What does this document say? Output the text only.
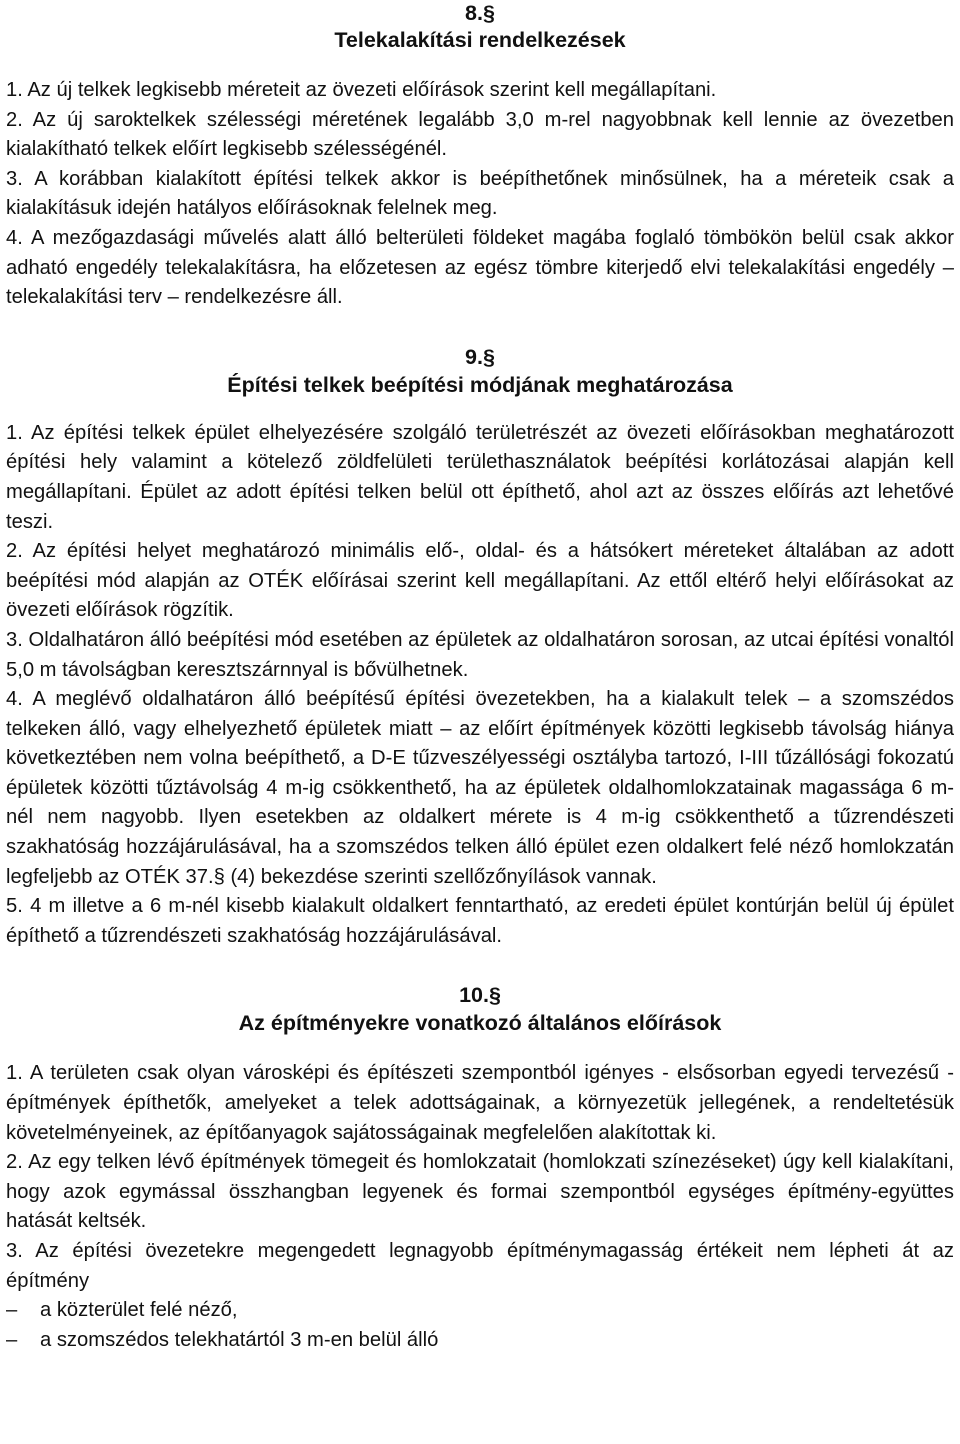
8.§
Telekalakítási rendelkezések

1. Az új telkek legkisebb méreteit az övezeti előírások szerint kell megállapítani.

2. Az új saroktelkek szélességi méretének legalább 3,0 m-rel nagyobbnak kell lennie az övezetben kialakítható telkek előírt legkisebb szélességénél.

3. A korábban kialakított építési telkek akkor is beépíthetőnek minősülnek, ha a méreteik csak a kialakításuk idején hatályos előírásoknak felelnek meg.

4. A mezőgazdasági művelés alatt álló belterületi földeket magába foglaló tömbökön belül csak akkor adható engedély telekalakításra, ha előzetesen az egész tömbre kiterjedő elvi telekalakítási engedély – telekalakítási terv – rendelkezésre áll.

9.§
Építési telkek beépítési módjának meghatározása

1. Az építési telkek épület elhelyezésére szolgáló területrészét az övezeti előírásokban meghatározott építési hely valamint a kötelező zöldfelületi területhasználatok beépítési korlátozásai alapján kell megállapítani. Épület az adott építési telken belül ott építhető, ahol azt az összes előírás azt lehetővé teszi.

2. Az építési helyet meghatározó minimális elő-, oldal- és a hátsókert méreteket általában az adott beépítési mód alapján az OTÉK előírásai szerint kell megállapítani. Az ettől eltérő helyi előírásokat az övezeti előírások rögzítik.

3. Oldalhatáron álló beépítési mód esetében az épületek az oldalhatáron sorosan, az utcai építési vonaltól 5,0 m távolságban keresztszárnnyal is bővülhetnek.

4. A meglévő oldalhatáron álló beépítésű építési övezetekben, ha a kialakult telek – a szomszédos telkeken álló, vagy elhelyezhető épületek miatt – az előírt építmények közötti legkisebb távolság hiánya következtében nem volna beépíthető, a D-E tűzveszélyességi osztályba tartozó, I-III tűzállósági fokozatú épületek közötti tűztávolság 4 m-ig csökkenthető, ha az épületek oldalhomlokzatainak magassága 6 m-nél nem nagyobb. Ilyen esetekben az oldalkert mérete is 4 m-ig csökkenthető a tűzrendészeti szakhatóság hozzájárulásával, ha a szomszédos telken álló épület ezen oldalkert felé néző homlokzatán legfeljebb az OTÉK 37.§ (4) bekezdése szerinti szellőzőnyílások vannak.

5. 4 m illetve a 6 m-nél kisebb kialakult oldalkert fenntartható, az eredeti épület kontúrján belül új épület építhető a tűzrendészeti szakhatóság hozzájárulásával.

10.§
Az építményekre vonatkozó általános előírások

1. A területen csak olyan városképi és építészeti szempontból igényes - elsősorban egyedi tervezésű - építmények építhetők, amelyeket a telek adottságainak, a környezetük jellegének, a rendeltetésük követelményeinek, az építőanyagok sajátosságainak megfelelően alakítottak ki.

2. Az egy telken lévő építmények tömegeit és homlokzatait (homlokzati színezéseket) úgy kell kialakítani, hogy azok egymással összhangban legyenek és formai szempontból egységes építmény-együttes hatását keltsék.

3. Az építési övezetekre megengedett legnagyobb építménymagasság értékeit nem lépheti át az építmény

–	a közterület felé néző,
–	a szomszédos telekhatártól 3 m-en belül álló
